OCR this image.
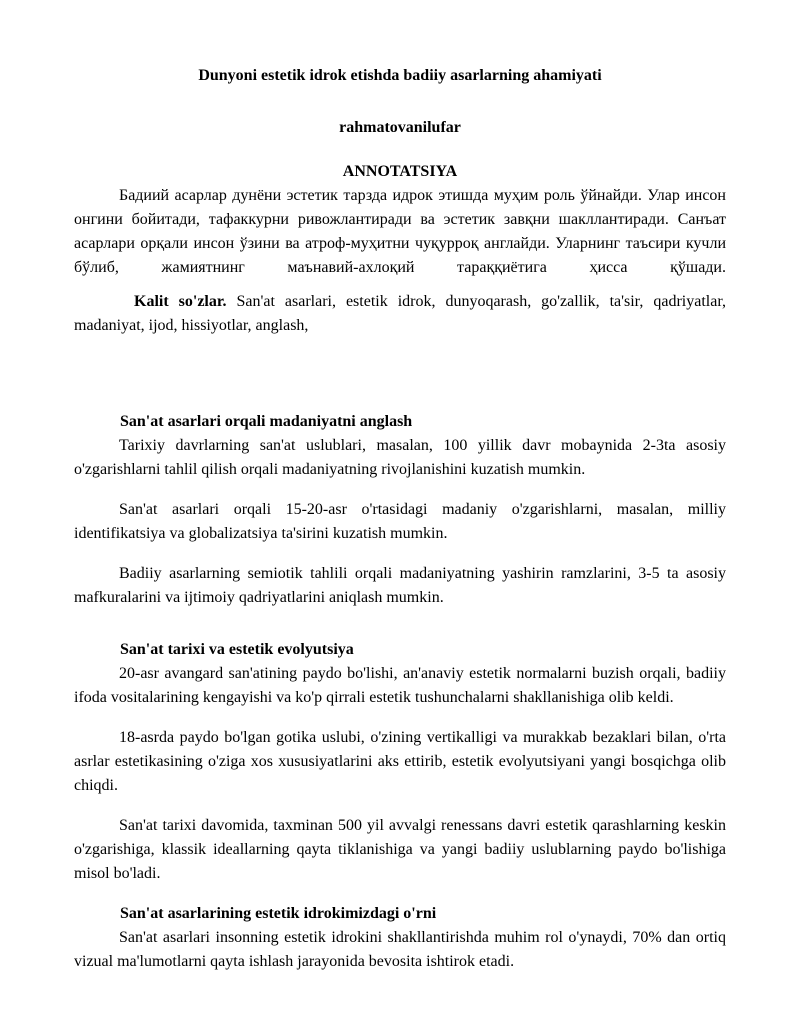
Dunyoni estetik idrok etishda badiiy asarlarning ahamiyati
rahmatovanilufar
ANNOTATSIYA

Бадиий асарлар дунёни эстетик тарзда идрок этишда муҳим роль ўйнайди. Улар инсон онгини бойитади, тафаккурни ривожлантиради ва эстетик завқни шакллантиради. Санъат асарлари орқали инсон ўзини ва атроф-муҳитни чуқурроқ англайди. Уларнинг таъсири кучли бўлиб, жамиятнинг маънавий-ахлоқий тараққиётига ҳисса қўшади.

Kalit so'zlar. San'at asarlari, estetik idrok, dunyoqarash, go'zallik, ta'sir, qadriyatlar, madaniyat, ijod, hissiyotlar, anglash,

San'at asarlari orqali madaniyatni anglash

Tarixiy davrlarning san'at uslublari, masalan, 100 yillik davr mobaynida 2-3ta asosiy o'zgarishlarni tahlil qilish orqali madaniyatning rivojlanishini kuzatish mumkin.

San'at asarlari orqali 15-20-asr o'rtasidagi madaniy o'zgarishlarni, masalan, milliy identifikatsiya va globalizatsiya ta'sirini kuzatish mumkin.

Badiiy asarlarning semiotik tahlili orqali madaniyatning yashirin ramzlarini, 3-5 ta asosiy mafkuralarini va ijtimoiy qadriyatlarini aniqlash mumkin.

San'at tarixi va estetik evolyutsiya

20-asr avangard san'atining paydo bo'lishi, an'anaviy estetik normalarni buzish orqali, badiiy ifoda vositalarining kengayishi va ko'p qirrali estetik tushunchalarni shakllanishiga olib keldi.

18-asrda paydo bo'lgan gotika uslubi, o'zining vertikalligi va murakkab bezaklari bilan, o'rta asrlar estetikasining o'ziga xos xususiyatlarini aks ettirib, estetik evolyutsiyani yangi bosqichga olib chiqdi.

San'at tarixi davomida, taxminan 500 yil avvalgi renessans davri estetik qarashlarning keskin o'zgarishiga, klassik ideallarning qayta tiklanishiga va yangi badiiy uslublarning paydo bo'lishiga misol bo'ladi.

San'at asarlarining estetik idrokimizdagi o'rni

San'at asarlari insonning estetik idrokini shakllantirishda muhim rol o'ynaydi, 70% dan ortiq vizual ma'lumotlarni qayta ishlash jarayonida bevosita ishtirok etadi.
